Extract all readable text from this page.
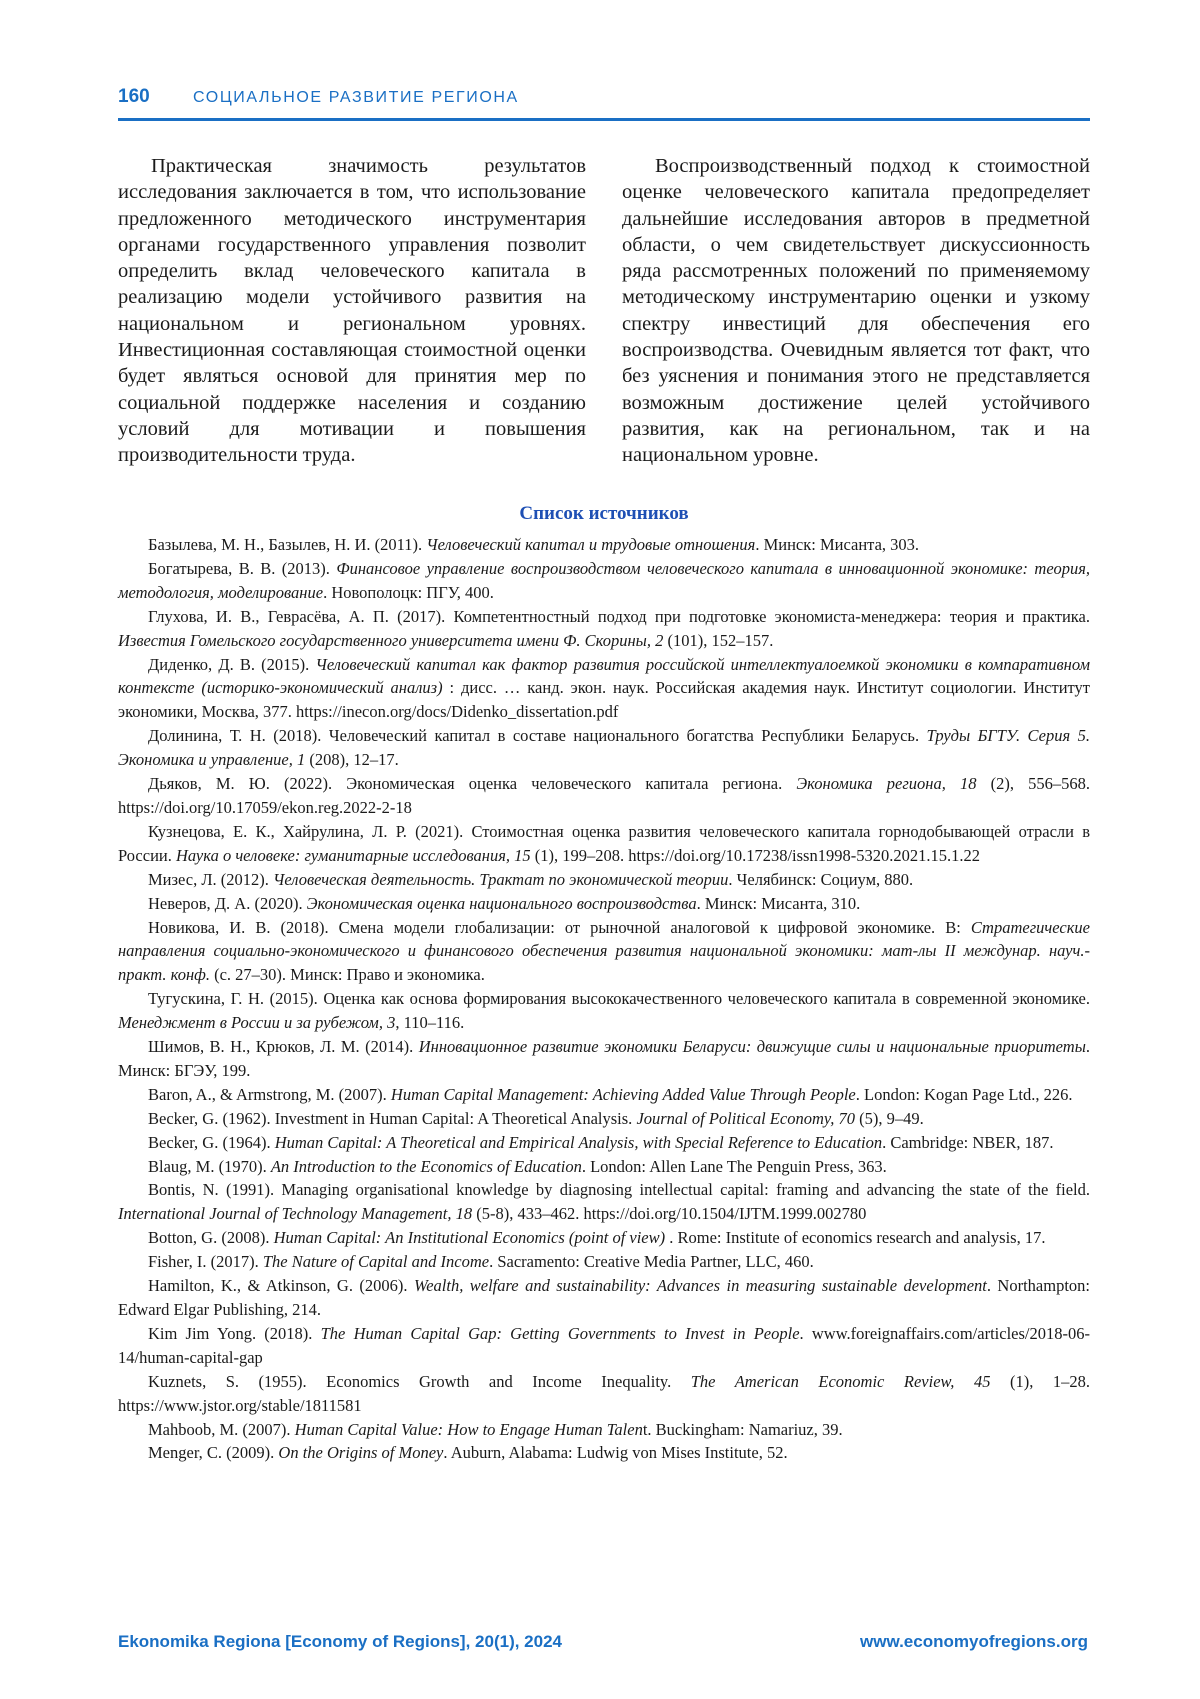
160	СОЦИАЛЬНОЕ РАЗВИТИЕ РЕГИОНА

Практическая значимость результатов исследования заключается в том, что использование предложенного методического инструментария органами государственного управления позволит определить вклад человеческого капитала в реализацию модели устойчивого развития на национальном и региональном уровнях. Инвестиционная составляющая стоимостной оценки будет являться основой для принятия мер по социальной поддержке населения и созданию условий для мотивации и повышения производительности труда.

Воспроизводственный подход к стоимостной оценке человеческого капитала предопределяет дальнейшие исследования авторов в предметной области, о чем свидетельствует дискуссионность ряда рассмотренных положений по применяемому методическому инструментарию оценки и узкому спектру инвестиций для обеспечения его воспроизводства. Очевидным является тот факт, что без уяснения и понимания этого не представляется возможным достижение целей устойчивого развития, как на региональном, так и на национальном уровне.

Список источников

Базылева, М. Н., Базылев, Н. И. (2011). Человеческий капитал и трудовые отношения. Минск: Мисанта, 303.

Богатырева, В. В. (2013). Финансовое управление воспроизводством человеческого капитала в инновационной экономике: теория, методология, моделирование. Новополоцк: ПГУ, 400.

Глухова, И. В., Гевраcёва, А. П. (2017). Компетентностный подход при подготовке экономиста-менеджера: теория и практика. Известия Гомельского государственного университета имени Ф. Скорины, 2 (101), 152–157.

Диденко, Д. В. (2015). Человеческий капитал как фактор развития российской интеллектуалоемкой экономики в компаративном контексте (историко-экономический анализ) : дисс. … канд. экон. наук. Российская академия наук. Институт социологии. Институт экономики, Москва, 377. https://inecon.org/docs/Didenko_dissertation.pdf

Долинина, Т. Н. (2018). Человеческий капитал в составе национального богатства Республики Беларусь. Труды БГТУ. Серия 5. Экономика и управление, 1 (208), 12–17.

Дьяков, М. Ю. (2022). Экономическая оценка человеческого капитала региона. Экономика региона, 18 (2), 556–568. https://doi.org/10.17059/ekon.reg.2022-2-18

Кузнецова, Е. К., Хайрулина, Л. Р. (2021). Стоимостная оценка развития человеческого капитала горнодобывающей отрасли в России. Наука о человеке: гуманитарные исследования, 15 (1), 199–208. https://doi.org/10.17238/issn1998-5320.2021.15.1.22

Мизес, Л. (2012). Человеческая деятельность. Трактат по экономической теории. Челябинск: Социум, 880.

Неверов, Д. А. (2020). Экономическая оценка национального воспроизводства. Минск: Мисанта, 310.

Новикова, И. В. (2018). Смена модели глобализации: от рыночной аналоговой к цифровой экономике. В: Стратегические направления социально-экономического и финансового обеспечения развития национальной экономики: мат-лы II междунар. науч.-практ. конф. (с. 27–30). Минск: Право и экономика.

Тугускина, Г. Н. (2015). Оценка как основа формирования высококачественного человеческого капитала в современной экономике. Менеджмент в России и за рубежом, 3, 110–116.

Шимов, В. Н., Крюков, Л. М. (2014). Инновационное развитие экономики Беларуси: движущие силы и национальные приоритеты. Минск: БГЭУ, 199.

Baron, A., & Armstrong, M. (2007). Human Capital Management: Achieving Added Value Through People. London: Kogan Page Ltd., 226.

Becker, G. (1962). Investment in Human Capital: A Theoretical Analysis. Journal of Political Economy, 70 (5), 9–49.

Becker, G. (1964). Human Capital: A Theoretical and Empirical Analysis, with Special Reference to Education. Cambridge: NBER, 187.

Blaug, M. (1970). An Introduction to the Economics of Education. London: Allen Lane The Penguin Press, 363.

Bontis, N. (1991). Managing organisational knowledge by diagnosing intellectual capital: framing and advancing the state of the field. International Journal of Technology Management, 18 (5-8), 433–462. https://doi.org/10.1504/IJTM.1999.002780

Botton, G. (2008). Human Capital: An Institutional Economics (point of view) . Rome: Institute of economics research and analysis, 17.

Fisher, I. (2017). The Nature of Capital and Income. Sacramento: Creative Media Partner, LLC, 460.

Hamilton, K., & Atkinson, G. (2006). Wealth, welfare and sustainability: Advances in measuring sustainable development. Northampton: Edward Elgar Publishing, 214.

Kim Jim Yong. (2018). The Human Capital Gap: Getting Governments to Invest in People. www.foreignaffairs.com/articles/2018-06-14/human-capital-gap

Kuznets, S. (1955). Economics Growth and Income Inequality. The American Economic Review, 45 (1), 1–28. https://www.jstor.org/stable/1811581

Mahboob, M. (2007). Human Capital Value: How to Engage Human Talent. Buckingham: Namariuz, 39.

Menger, C. (2009). On the Origins of Money. Auburn, Alabama: Ludwig von Mises Institute, 52.

Ekonomika Regiona [Economy of Regions], 20(1), 2024	www.economyofregions.org
